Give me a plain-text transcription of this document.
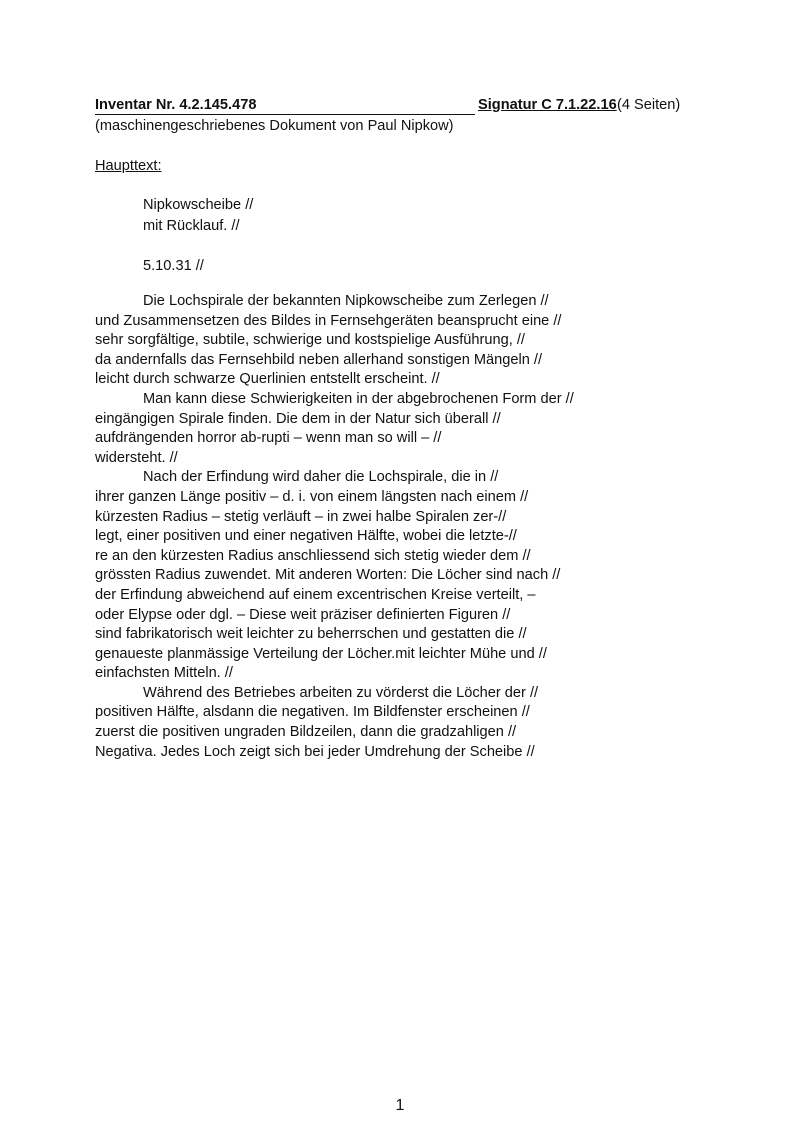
Inventar Nr. 4.2.145.478	Signatur C 7.1.22.16 (4 Seiten)
(maschinengeschriebenes Dokument von Paul Nipkow)
Haupttext:
Nipkowscheibe //
mit Rücklauf. //
5.10.31 //
Die Lochspirale der bekannten Nipkowscheibe zum Zerlegen //
und Zusammensetzen des Bildes in Fernsehgeräten beansprucht eine //
sehr sorgfältige, subtile, schwierige und kostspielige Ausführung, //
da andernfalls das Fernsehbild neben allerhand sonstigen Mängeln //
leicht durch schwarze Querlinien entstellt erscheint. //
Man kann diese Schwierigkeiten in der abgebrochenen Form der //
eingängigen Spirale finden. Die dem in der Natur sich überall //
aufdrängenden horror ab-rupti – wenn man so will – //
widersteht. //
Nach der Erfindung wird daher die Lochspirale, die in //
ihrer ganzen Länge positiv – d. i. von einem längsten nach einem //
kürzesten Radius – stetig verläuft – in zwei halbe Spiralen zer-//
legt, einer positiven und einer negativen Hälfte, wobei die letzte-//
re an den kürzesten Radius anschliessend sich stetig wieder dem //
grössten Radius zuwendet. Mit anderen Worten: Die Löcher sind nach //
der Erfindung abweichend auf einem excentrischen Kreise verteilt, –
oder Elypse oder dgl. – Diese weit präziser definierten Figuren //
sind fabrikatorisch weit leichter zu beherrschen und gestatten die //
genaueste planmässige Verteilung der Löcher.mit leichter Mühe und //
einfachsten Mitteln. //
Während des Betriebes arbeiten zu vörderst die Löcher der //
positiven Hälfte, alsdann die negativen. Im Bildfenster erscheinen //
zuerst die positiven ungraden Bildzeilen, dann die gradzahligen //
Negativa. Jedes Loch zeigt sich bei jeder Umdrehung der Scheibe //
1
